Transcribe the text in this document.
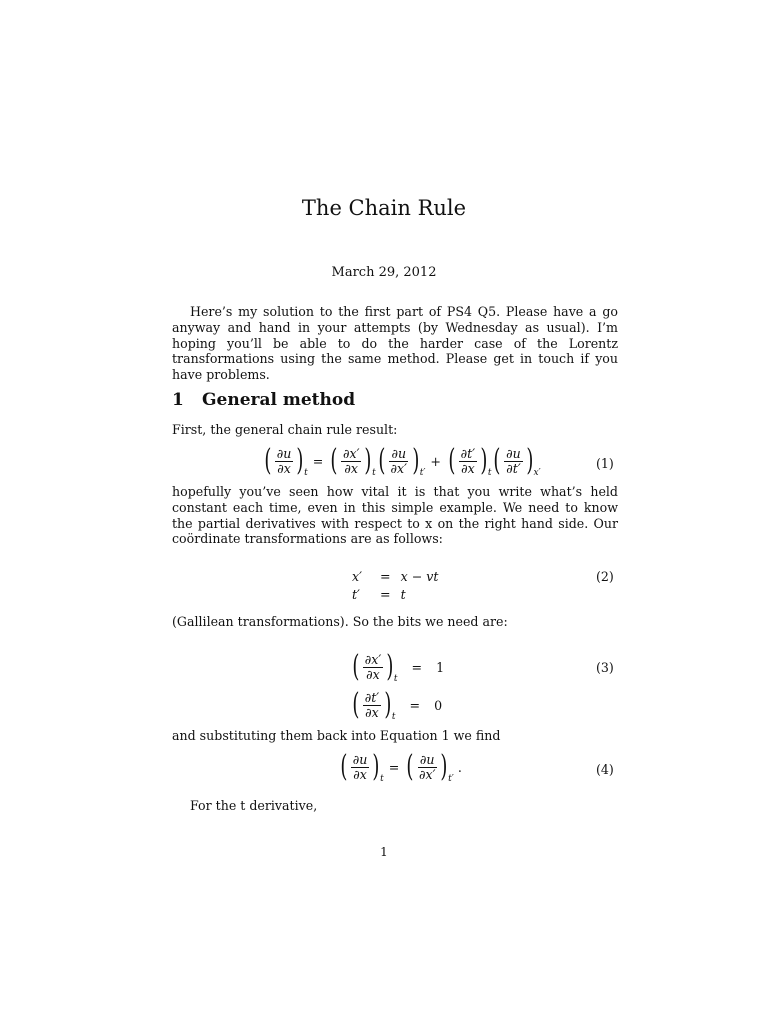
The Chain Rule
March 29, 2012
Here’s my solution to the first part of PS4 Q5. Please have a go anyway and hand in your attempts (by Wednesday as usual). I’m hoping you’ll be able to do the harder case of the Lorentz transformations using the same method. Please get in touch if you have problems.
1 General method
First, the general chain rule result:
( $\frac{\partial u}{\partial x}$ ) t
= ( $\frac{\partial x'}{\partial x}$ ) t ( $\frac{\partial u}{\partial x'}$ ) t′
+ ( $\frac{\partial t'}{\partial x}$ ) t ( $\frac{\partial u}{\partial t'}$ ) x′
(1)
hopefully you’ve seen how vital it is that you write what’s held constant each time, even in this simple example. We need to know the partial derivatives with respect to x on the right hand side. Our coördinate transformations are as follows:
x′	= x − vt
t′	= t
(2)
(Gallilean transformations). So the bits we need are:
( $\frac{\partial x'}{\partial x}$ ) t
= 1
( $\frac{\partial t'}{\partial x}$ ) t
= 0
(3)
and substituting them back into Equation 1 we find
( $\frac{\partial u}{\partial x}$ ) t
= ( $\frac{\partial u}{\partial x'}$ ) t′
.	(4)
For the t derivative,
1
